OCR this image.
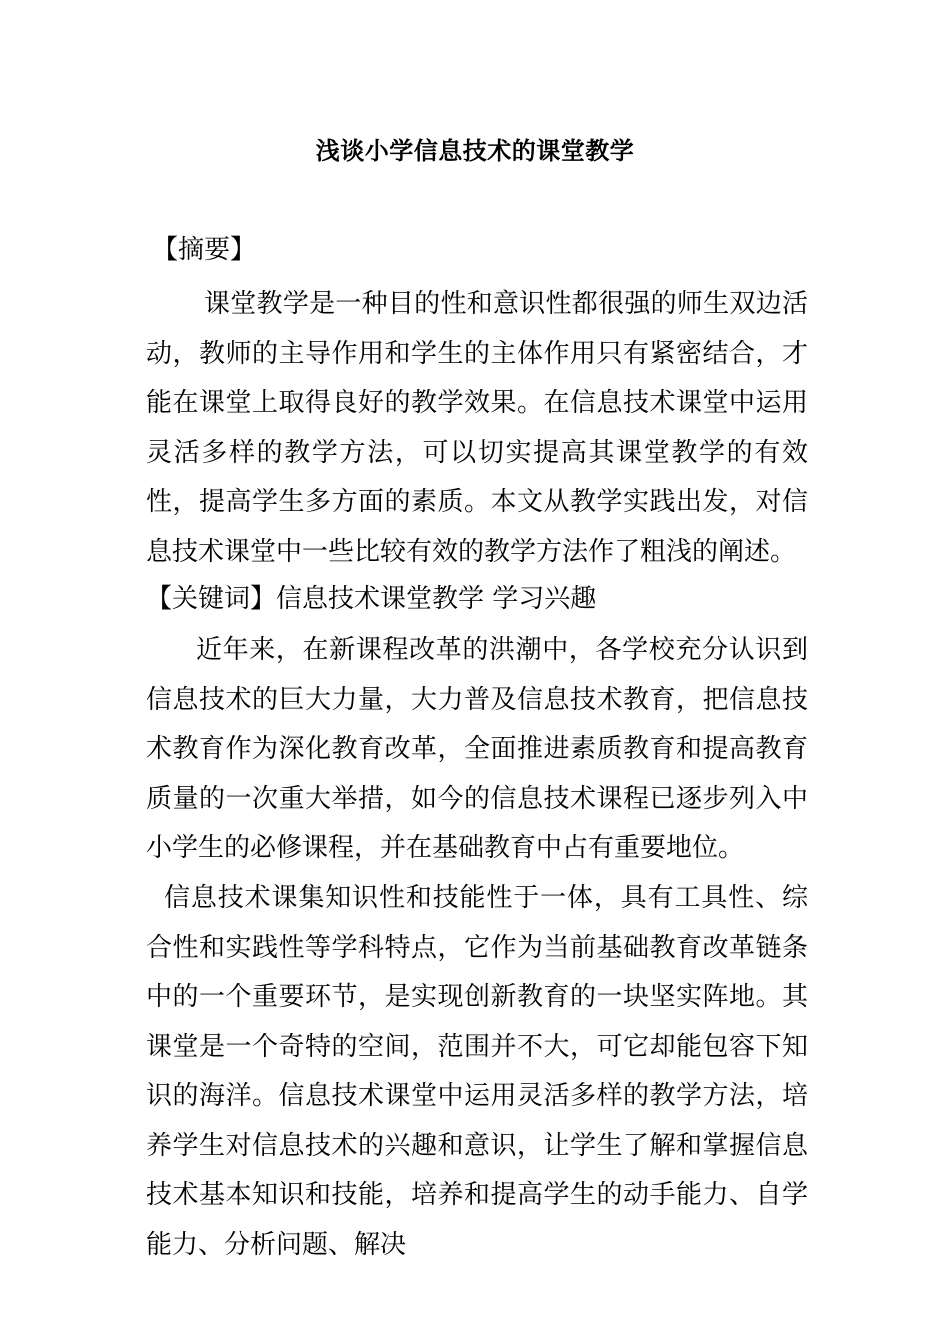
浅谈小学信息技术的课堂教学

【摘要】

课堂教学是一种目的性和意识性都很强的师生双边活动，教师的主导作用和学生的主体作用只有紧密结合，才能在课堂上取得良好的教学效果。在信息技术课堂中运用灵活多样的教学方法，可以切实提高其课堂教学的有效性，提高学生多方面的素质。本文从教学实践出发，对信息技术课堂中一些比较有效的教学方法作了粗浅的阐述。

【关键词】信息技术课堂教学 学习兴趣

近年来，在新课程改革的洪潮中，各学校充分认识到信息技术的巨大力量，大力普及信息技术教育，把信息技术教育作为深化教育改革，全面推进素质教育和提高教育质量的一次重大举措，如今的信息技术课程已逐步列入中小学生的必修课程，并在基础教育中占有重要地位。

信息技术课集知识性和技能性于一体，具有工具性、综合性和实践性等学科特点，它作为当前基础教育改革链条中的一个重要环节，是实现创新教育的一块坚实阵地。其课堂是一个奇特的空间，范围并不大，可它却能包容下知识的海洋。信息技术课堂中运用灵活多样的教学方法，培养学生对信息技术的兴趣和意识，让学生了解和掌握信息技术基本知识和技能，培养和提高学生的动手能力、自学能力、分析问题、解决
